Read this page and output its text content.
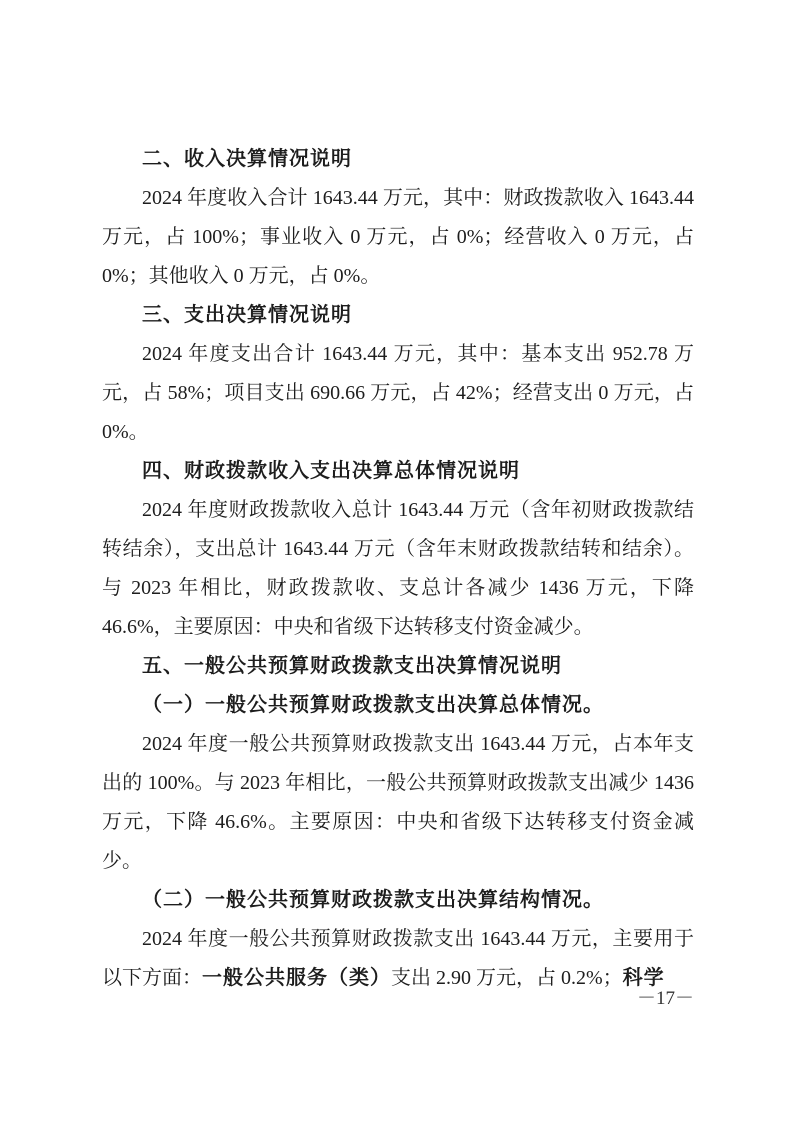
二、收入决算情况说明

2024 年度收入合计 1643.44 万元，其中：财政拨款收入 1643.44 万元，占 100%；事业收入 0 万元，占 0%；经营收入 0 万元，占 0%；其他收入 0 万元，占 0%。

三、支出决算情况说明

2024 年度支出合计 1643.44 万元，其中：基本支出 952.78 万元，占 58%；项目支出 690.66 万元，占 42%；经营支出 0 万元，占 0%。

四、财政拨款收入支出决算总体情况说明

2024 年度财政拨款收入总计 1643.44 万元（含年初财政拨款结转结余），支出总计 1643.44 万元（含年末财政拨款结转和结余）。与 2023 年相比，财政拨款收、支总计各减少 1436 万元，下降 46.6%，主要原因：中央和省级下达转移支付资金减少。

五、一般公共预算财政拨款支出决算情况说明
（一）一般公共预算财政拨款支出决算总体情况。

2024 年度一般公共预算财政拨款支出 1643.44 万元，占本年支出的 100%。与 2023 年相比，一般公共预算财政拨款支出减少 1436 万元，下降 46.6%。主要原因：中央和省级下达转移支付资金减少。

（二）一般公共预算财政拨款支出决算结构情况。

2024 年度一般公共预算财政拨款支出 1643.44 万元，主要用于以下方面：一般公共服务（类）支出 2.90 万元，占 0.2%；科学

－17－
